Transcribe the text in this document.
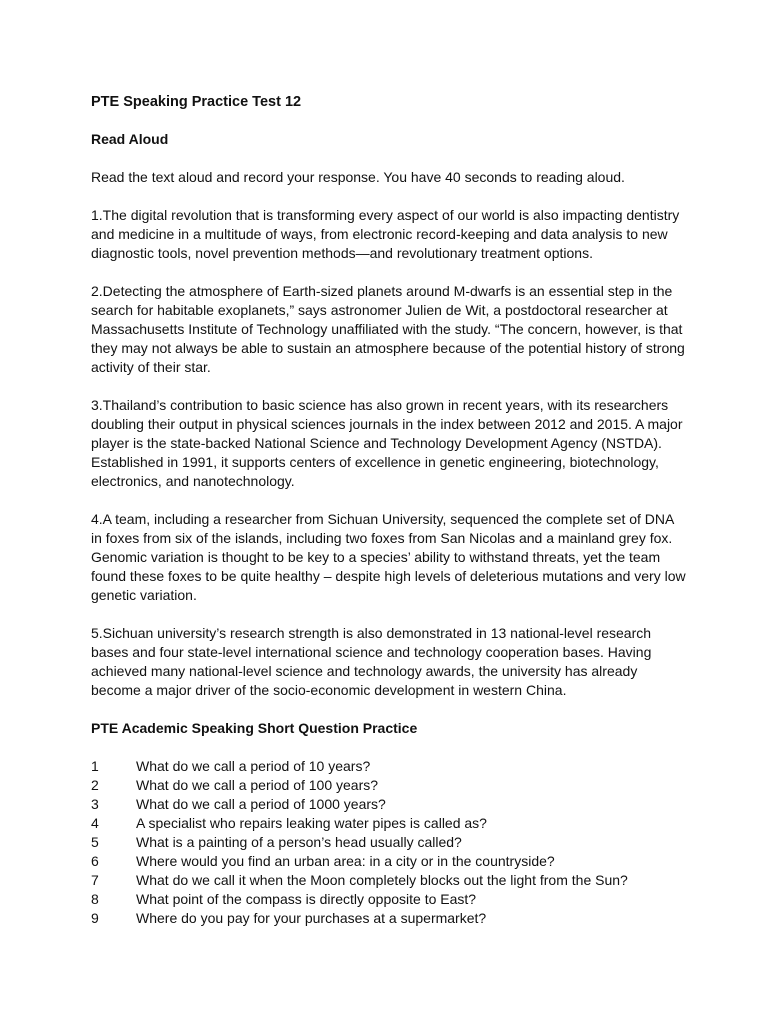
PTE Speaking Practice Test 12
Read Aloud

Read the text aloud and record your response. You have 40 seconds to reading aloud.

1.The digital revolution that is transforming every aspect of our world is also impacting dentistry and medicine in a multitude of ways, from electronic record-keeping and data analysis to new diagnostic tools, novel prevention methods—and revolutionary treatment options.

2.Detecting the atmosphere of Earth-sized planets around M-dwarfs is an essential step in the search for habitable exoplanets,” says astronomer Julien de Wit, a postdoctoral researcher at Massachusetts Institute of Technology unaffiliated with the study. “The concern, however, is that they may not always be able to sustain an atmosphere because of the potential history of strong activity of their star.

3.Thailand’s contribution to basic science has also grown in recent years, with its researchers doubling their output in physical sciences journals in the index between 2012 and 2015. A major player is the state-backed National Science and Technology Development Agency (NSTDA). Established in 1991, it supports centers of excellence in genetic engineering, biotechnology, electronics, and nanotechnology.

4.A team, including a researcher from Sichuan University, sequenced the complete set of DNA in foxes from six of the islands, including two foxes from San Nicolas and a mainland grey fox. Genomic variation is thought to be key to a species’ ability to withstand threats, yet the team found these foxes to be quite healthy – despite high levels of deleterious mutations and very low genetic variation.

5.Sichuan university’s research strength is also demonstrated in 13 national-level research bases and four state-level international science and technology cooperation bases. Having achieved many national-level science and technology awards, the university has already become a major driver of the socio-economic development in western China.

PTE Academic Speaking Short Question Practice
1	What do we call a period of 10 years?
2	What do we call a period of 100 years?
3	What do we call a period of 1000 years?
4	A specialist who repairs leaking water pipes is called as?
5	What is a painting of a person’s head usually called?
6	Where would you find an urban area: in a city or in the countryside?
7	What do we call it when the Moon completely blocks out the light from the Sun?
8	What point of the compass is directly opposite to East?
9	Where do you pay for your purchases at a supermarket?
